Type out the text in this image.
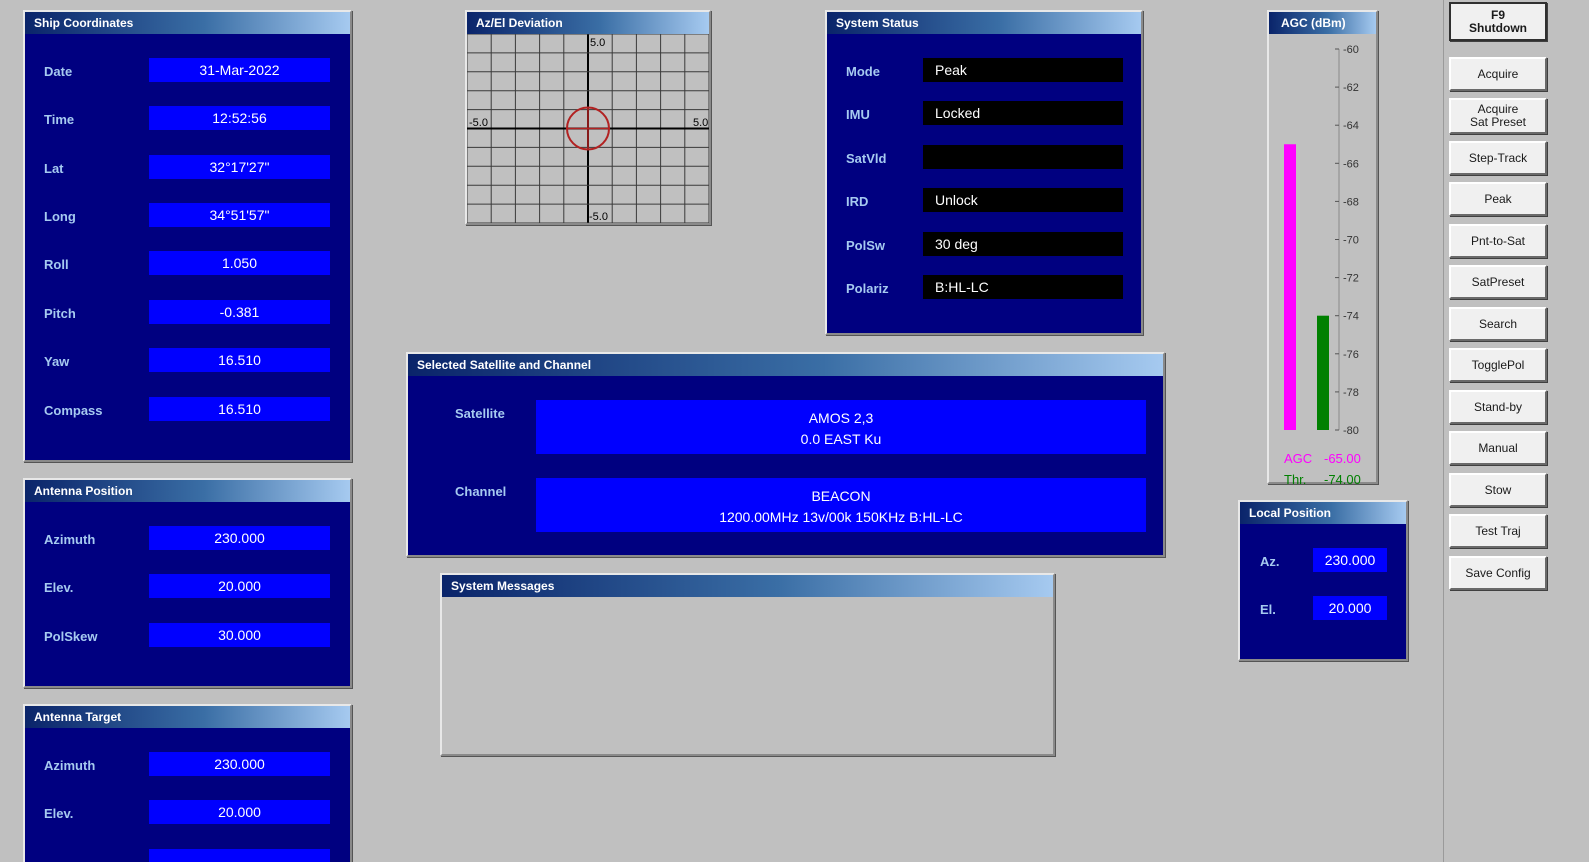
Ship Coordinates
Date	31-Mar-2022
Time	12:52:56
Lat	32°17'27"
Long	34°51'57"
Roll	1.050
Pitch	-0.381
Yaw	16.510
Compass	16.510
Antenna Position
Azimuth	230.000
Elev.	20.000
PolSkew	30.000
Antenna Target
Azimuth	230.000
Elev.	20.000
Az/El Deviation
5.0
-5.0
-5.0	5.0
System Status
Mode	Peak
IMU	Locked
SatVld
IRD	Unlock
PolSw	30 deg
Polariz	B:HL-LC
Selected Satellite and Channel
Satellite	AMOS 2,3
0.0 EAST Ku
Channel	BEACON
1200.00MHz 13v/00k 150KHz B:HL-LC
System Messages
AGC (dBm)
-60
-62
-64
-66
-68
-70
-72
-74
-76
-78
-80
AGC -65.00
Thr. -74.00
Local Position
Az.	230.000
El.	20.000
F9
Shutdown
Acquire
Acquire
Sat Preset
Step-Track
Peak
Pnt-to-Sat
SatPreset
Search
TogglePol
Stand-by
Manual
Stow
Test Traj
Save Config
